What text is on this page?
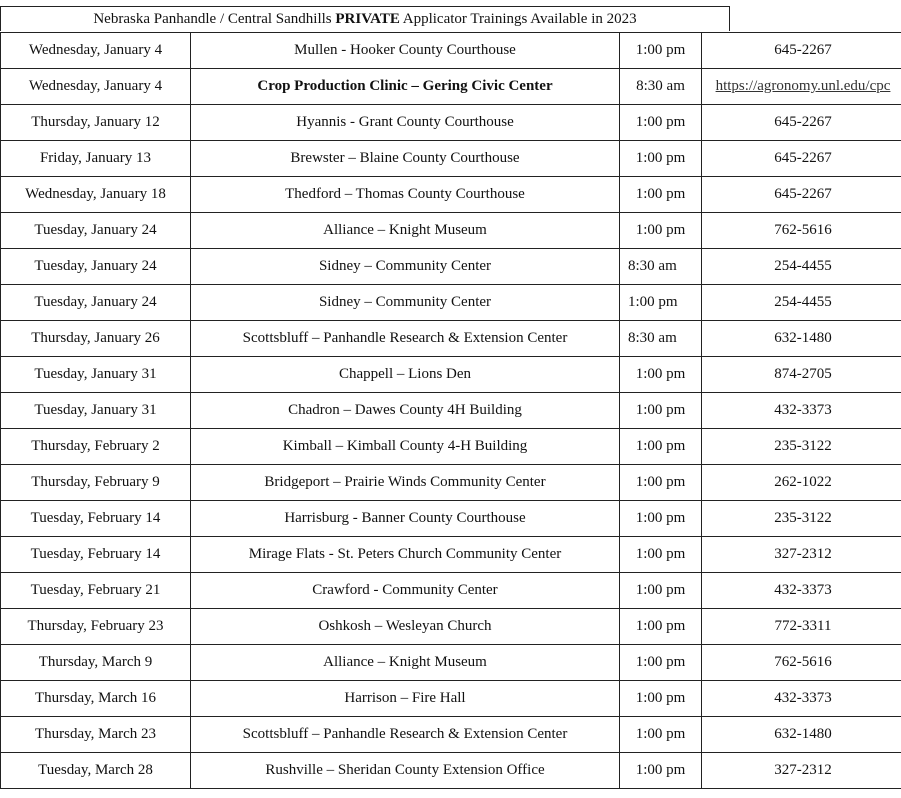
Nebraska Panhandle / Central Sandhills PRIVATE Applicator Trainings Available in 2023
Wednesday, January 4	Mullen - Hooker County Courthouse	1:00 pm	645-2267
Wednesday, January 4	Crop Production Clinic – Gering Civic Center	8:30 am	https://agronomy.unl.edu/cpc
Thursday, January 12	Hyannis - Grant County Courthouse	1:00 pm	645-2267
Friday, January 13	Brewster – Blaine County Courthouse	1:00 pm	645-2267
Wednesday, January 18	Thedford – Thomas County Courthouse	1:00 pm	645-2267
Tuesday, January 24	Alliance – Knight Museum	1:00 pm	762-5616
Tuesday, January 24	Sidney – Community Center	8:30 am	254-4455
Tuesday, January 24	Sidney – Community Center	1:00 pm	254-4455
Thursday, January 26	Scottsbluff – Panhandle Research & Extension Center	8:30 am	632-1480
Tuesday, January 31	Chappell – Lions Den	1:00 pm	874-2705
Tuesday, January 31	Chadron – Dawes County 4H Building	1:00 pm	432-3373
Thursday, February 2	Kimball – Kimball County 4-H Building	1:00 pm	235-3122
Thursday, February 9	Bridgeport – Prairie Winds Community Center	1:00 pm	262-1022
Tuesday, February 14	Harrisburg - Banner County Courthouse	1:00 pm	235-3122
Tuesday, February 14	Mirage Flats - St. Peters Church Community Center	1:00 pm	327-2312
Tuesday, February 21	Crawford - Community Center	1:00 pm	432-3373
Thursday, February 23	Oshkosh – Wesleyan Church	1:00 pm	772-3311
Thursday, March 9	Alliance – Knight Museum	1:00 pm	762-5616
Thursday, March 16	Harrison – Fire Hall	1:00 pm	432-3373
Thursday, March 23	Scottsbluff – Panhandle Research & Extension Center	1:00 pm	632-1480
Tuesday, March 28	Rushville – Sheridan County Extension Office	1:00 pm	327-2312
